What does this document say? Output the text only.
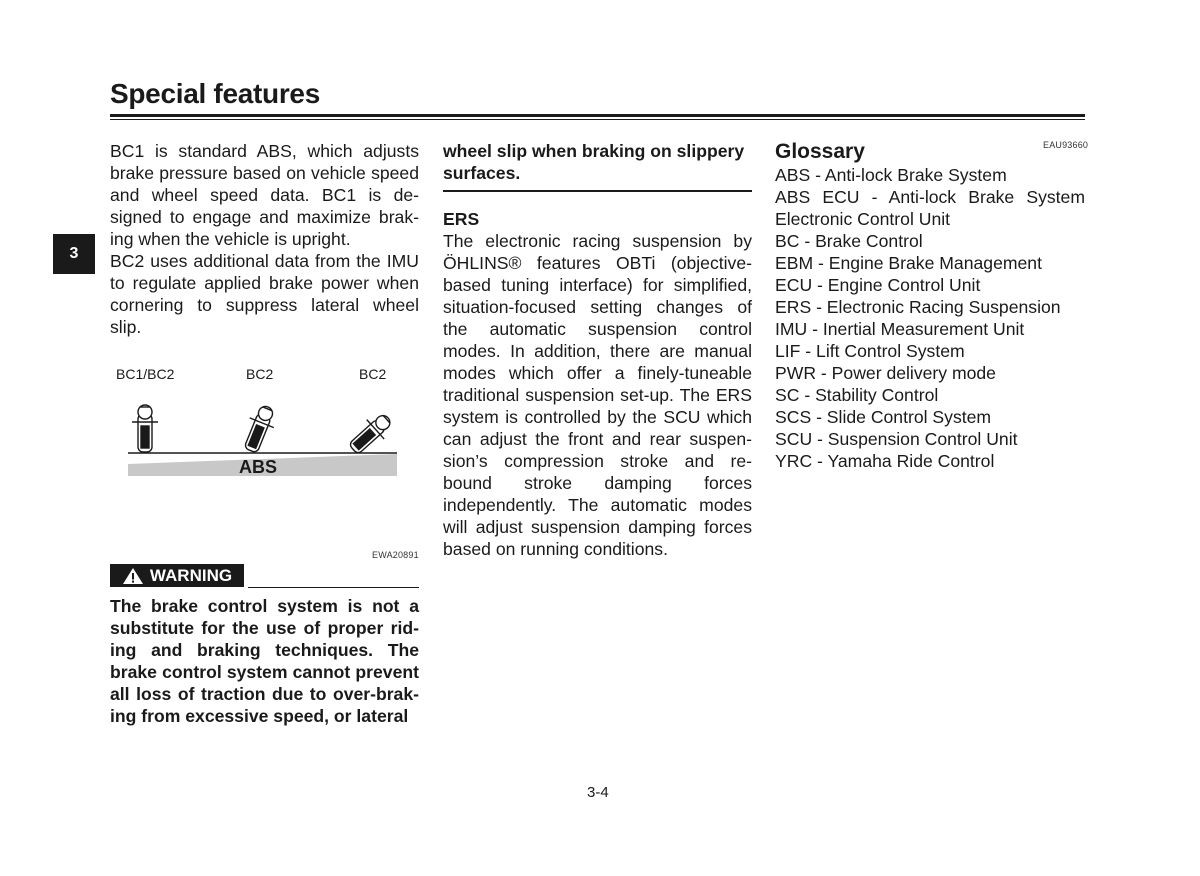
Special features
3

BC1 is standard ABS, which adjusts brake pressure based on vehicle speed and wheel speed data. BC1 is de-signed to engage and maximize brak-ing when the vehicle is upright.

BC2 uses additional data from the IMU to regulate applied brake power when cornering to suppress lateral wheel slip.

BC1/BC2	BC2	BC2
ABS
EWA20891
WARNING
The brake control system is not a substitute for the use of proper rid-ing and braking techniques. The brake control system cannot prevent all loss of traction due to over-brak-ing from excessive speed, or lateral

wheel slip when braking on slippery surfaces.

ERS

The electronic racing suspension by ÖHLINS® features OBTi (objective-based tuning interface) for simplified, situation-focused setting changes of the automatic suspension control modes. In addition, there are manual modes which offer a finely-tuneable traditional suspension set-up. The ERS system is controlled by the SCU which can adjust the front and rear suspen-sion’s compression stroke and re-bound stroke damping forces independently. The automatic modes will adjust suspension damping forces based on running conditions.

EAU93660

Glossary

ABS - Anti-lock Brake System

ABS ECU - Anti-lock Brake System Electronic Control Unit

BC - Brake Control

EBM - Engine Brake Management

ECU - Engine Control Unit

ERS - Electronic Racing Suspension

IMU - Inertial Measurement Unit

LIF - Lift Control System

PWR - Power delivery mode

SC - Stability Control

SCS - Slide Control System

SCU - Suspension Control Unit

YRC - Yamaha Ride Control

3-4
